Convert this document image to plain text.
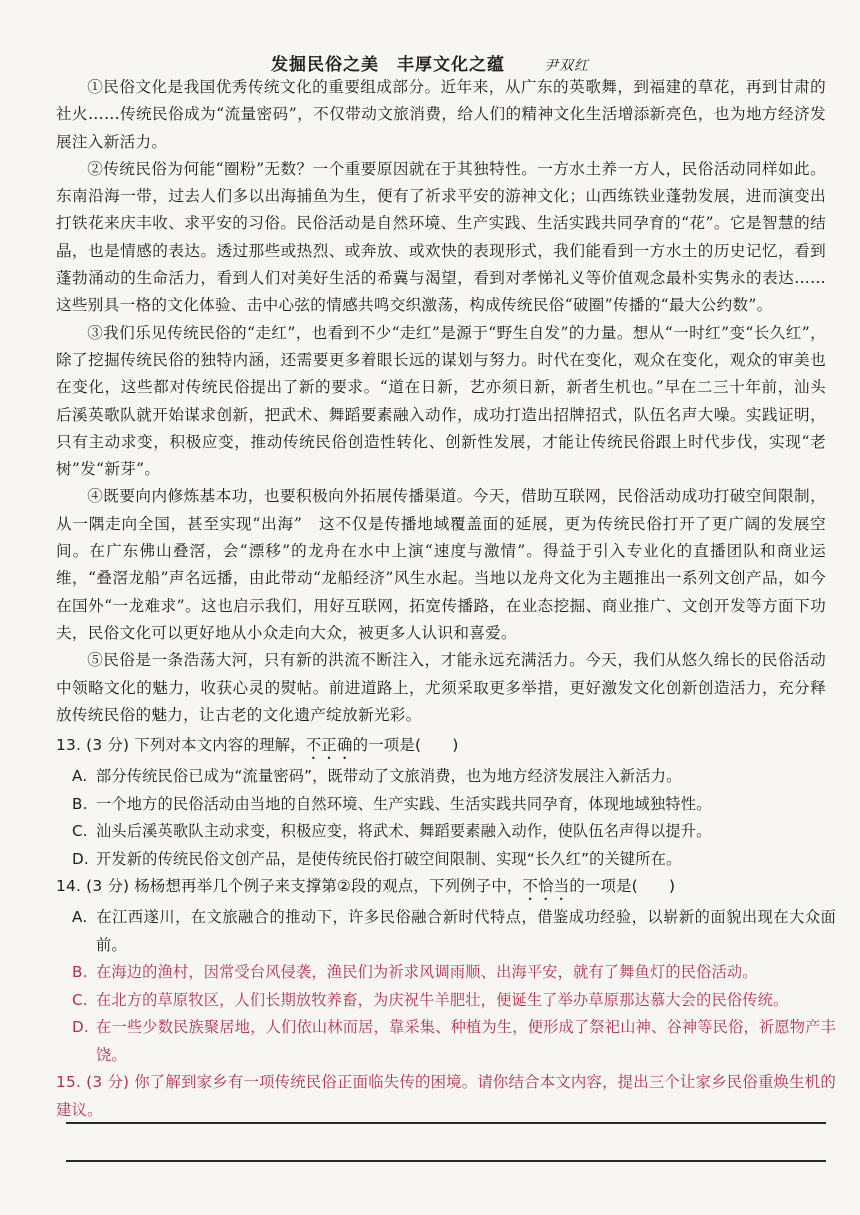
发掘民俗之美　丰厚文化之蕴	尹双红

①民俗文化是我国优秀传统文化的重要组成部分。近年来，从广东的英歌舞，到福建的䓍花，再到甘肃的社火……传统民俗成为“流量密码”，不仅带动文旅消费，给人们的精神文化生活增添新亮色，也为地方经济发展注入新活力。

②传统民俗为何能“圈粉”无数？一个重要原因就在于其独特性。一方水土养一方人，民俗活动同样如此。东南沿海一带，过去人们多以出海捕鱼为生，便有了祈求平安的游神文化；山西练铁业蓬勃发展，进而演变出打铁花来庆丰收、求平安的习俗。民俗活动是自然环境、生产实践、生活实践共同孕育的“花”。它是智慧的结晶，也是情感的表达。透过那些或热烈、或奔放、或欢快的表现形式，我们能看到一方水土的历史记忆，看到蓬勃涌动的生命活力，看到人们对美好生活的希冀与渴望，看到对孝悌礼义等价值观念最朴实隽永的表达……这些别具一格的文化体验、击中心弦的情感共鸣交织激荡，构成传统民俗“破圈”传播的“最大公约数”。

③我们乐见传统民俗的“走红”，也看到不少“走红”是源于“野生自发”的力量。想从“一时红”变“长久红”，除了挖掘传统民俗的独特内涵，还需要更多着眼长远的谋划与努力。时代在变化，观众在变化，观众的审美也在变化，这些都对传统民俗提出了新的要求。“道在日新，艺亦须日新，新者生机也。”早在二三十年前，汕头后溪英歌队就开始谋求创新，把武术、舞蹈要素融入动作，成功打造出招牌招式，队伍名声大噪。实践证明，只有主动求变，积极应变，推动传统民俗创造性转化、创新性发展，才能让传统民俗跟上时代步伐，实现“老树”发“新芽”。

④既要向内修炼基本功，也要积极向外拓展传播渠道。今天，借助互联网，民俗活动成功打破空间限制，从一隅走向全国，甚至实现“出海”　这不仅是传播地域覆盖面的延展，更为传统民俗打开了更广阔的发展空间。在广东佛山叠滘，会“漂移”的龙舟在水中上演“速度与激情”。得益于引入专业化的直播团队和商业运维，“叠滘龙船”声名远播，由此带动“龙船经济”风生水起。当地以龙舟文化为主题推出一系列文创产品，如今在国外“一龙难求”。这也启示我们，用好互联网，拓宽传播路，在业态挖掘、商业推广、文创开发等方面下功夫，民俗文化可以更好地从小众走向大众，被更多人认识和喜爱。

⑤民俗是一条浩荡大河，只有新的洪流不断注入，才能永远充满活力。今天，我们从悠久绵长的民俗活动中领略文化的魅力，收获心灵的熨帖。前进道路上，尤须采取更多举措，更好激发文化创新创造活力，充分释放传统民俗的魅力，让古老的文化遗产绽放新光彩。

13. (3 分) 下列对本文内容的理解，不正确的一项是(　　)

A. 部分传统民俗已成为“流量密码”，既带动了文旅消费，也为地方经济发展注入新活力。

B. 一个地方的民俗活动由当地的自然环境、生产实践、生活实践共同孕育，体现地域独特性。

C. 汕头后溪英歌队主动求变，积极应变，将武术、舞蹈要素融入动作，使队伍名声得以提升。

D. 开发新的传统民俗文创产品，是使传统民俗打破空间限制、实现“长久红”的关键所在。

14. (3 分) 杨杨想再举几个例子来支撑第②段的观点，下列例子中，不恰当的一项是(　　)

A. 在江西遂川，在文旅融合的推动下，许多民俗融合新时代特点，借鉴成功经验，以崭新的面貌出现在大众面前。

B. 在海边的渔村，因常受台风侵袭，渔民们为祈求风调雨顺、出海平安，就有了舞鱼灯的民俗活动。

C. 在北方的草原牧区，人们长期放牧养畜，为庆祝牛羊肥壮，便诞生了举办草原那达慕大会的民俗传统。

D. 在一些少数民族聚居地，人们依山林而居，靠采集、种植为生，便形成了祭祀山神、谷神等民俗，祈愿物产丰饶。

15. (3 分) 你了解到家乡有一项传统民俗正面临失传的困境。请你结合本文内容，提出三个让家乡民俗重焕生机的建议。
